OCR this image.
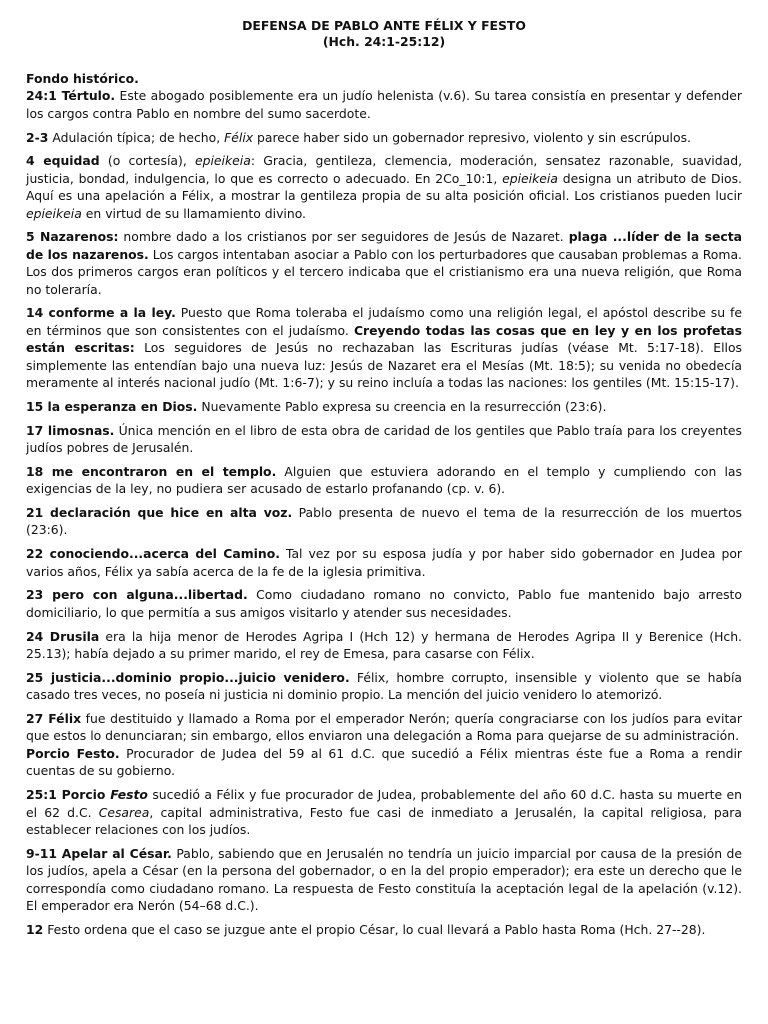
DEFENSA DE PABLO ANTE FÉLIX Y FESTO
(Hch. 24:1-25:12)

Fondo histórico.
24:1 Tértulo. Este abogado posiblemente era un judío helenista (v.6). Su tarea consistía en presentar y defender los cargos contra Pablo en nombre del sumo sacerdote.

2-3 Adulación típica; de hecho, Félix parece haber sido un gobernador represivo, violento y sin escrúpulos.

4 equidad (o cortesía), epieikeia: Gracia, gentileza, clemencia, moderación, sensatez razonable, suavidad, justicia, bondad, indulgencia, lo que es correcto o adecuado. En 2Co_10:1, epieikeia designa un atributo de Dios. Aquí es una apelación a Félix, a mostrar la gentileza propia de su alta posición oficial. Los cristianos pueden lucir epieikeia en virtud de su llamamiento divino.

5 Nazarenos: nombre dado a los cristianos por ser seguidores de Jesús de Nazaret. plaga ...líder de la secta de los nazarenos. Los cargos intentaban asociar a Pablo con los perturbadores que causaban problemas a Roma. Los dos primeros cargos eran políticos y el tercero indicaba que el cristianismo era una nueva religión, que Roma no toleraría.

14 conforme a la ley. Puesto que Roma toleraba el judaísmo como una religión legal, el apóstol describe su fe en términos que son consistentes con el judaísmo. Creyendo todas las cosas que en ley y en los profetas están escritas: Los seguidores de Jesús no rechazaban las Escrituras judías (véase Mt. 5:17-18). Ellos simplemente las entendían bajo una nueva luz: Jesús de Nazaret era el Mesías (Mt. 18:5); su venida no obedecía meramente al interés nacional judío (Mt. 1:6-7); y su reino incluía a todas las naciones: los gentiles (Mt. 15:15-17).

15 la esperanza en Dios. Nuevamente Pablo expresa su creencia en la resurrección (23:6).

17 limosnas. Única mención en el libro de esta obra de caridad de los gentiles que Pablo traía para los creyentes judíos pobres de Jerusalén.

18 me encontraron en el templo. Alguien que estuviera adorando en el templo y cumpliendo con las exigencias de la ley, no pudiera ser acusado de estarlo profanando (cp. v. 6).

21 declaración que hice en alta voz. Pablo presenta de nuevo el tema de la resurrección de los muertos (23:6).

22 conociendo...acerca del Camino. Tal vez por su esposa judía y por haber sido gobernador en Judea por varios años, Félix ya sabía acerca de la fe de la iglesia primitiva.

23 pero con alguna...libertad. Como ciudadano romano no convicto, Pablo fue mantenido bajo arresto domiciliario, lo que permitía a sus amigos visitarlo y atender sus necesidades.

24 Drusila era la hija menor de Herodes Agripa I (Hch 12) y hermana de Herodes Agripa II y Berenice (Hch. 25.13); había dejado a su primer marido, el rey de Emesa, para casarse con Félix.

25 justicia...dominio propio...juicio venidero. Félix, hombre corrupto, insensible y violento que se había casado tres veces, no poseía ni justicia ni dominio propio. La mención del juicio venidero lo atemorizó.

27 Félix fue destituido y llamado a Roma por el emperador Nerón; quería congraciarse con los judíos para evitar que estos lo denunciaran; sin embargo, ellos enviaron una delegación a Roma para quejarse de su administración.
Porcio Festo. Procurador de Judea del 59 al 61 d.C. que sucedió a Félix mientras éste fue a Roma a rendir cuentas de su gobierno.

25:1 Porcio Festo sucedió a Félix y fue procurador de Judea, probablemente del año 60 d.C. hasta su muerte en el 62 d.C. Cesarea, capital administrativa, Festo fue casi de inmediato a Jerusalén, la capital religiosa, para establecer relaciones con los judíos.

9-11 Apelar al César. Pablo, sabiendo que en Jerusalén no tendría un juicio imparcial por causa de la presión de los judíos, apela a César (en la persona del gobernador, o en la del propio emperador); era este un derecho que le correspondía como ciudadano romano. La respuesta de Festo constituía la aceptación legal de la apelación (v.12). El emperador era Nerón (54–68 d.C.).

12 Festo ordena que el caso se juzgue ante el propio César, lo cual llevará a Pablo hasta Roma (Hch. 27--28).
